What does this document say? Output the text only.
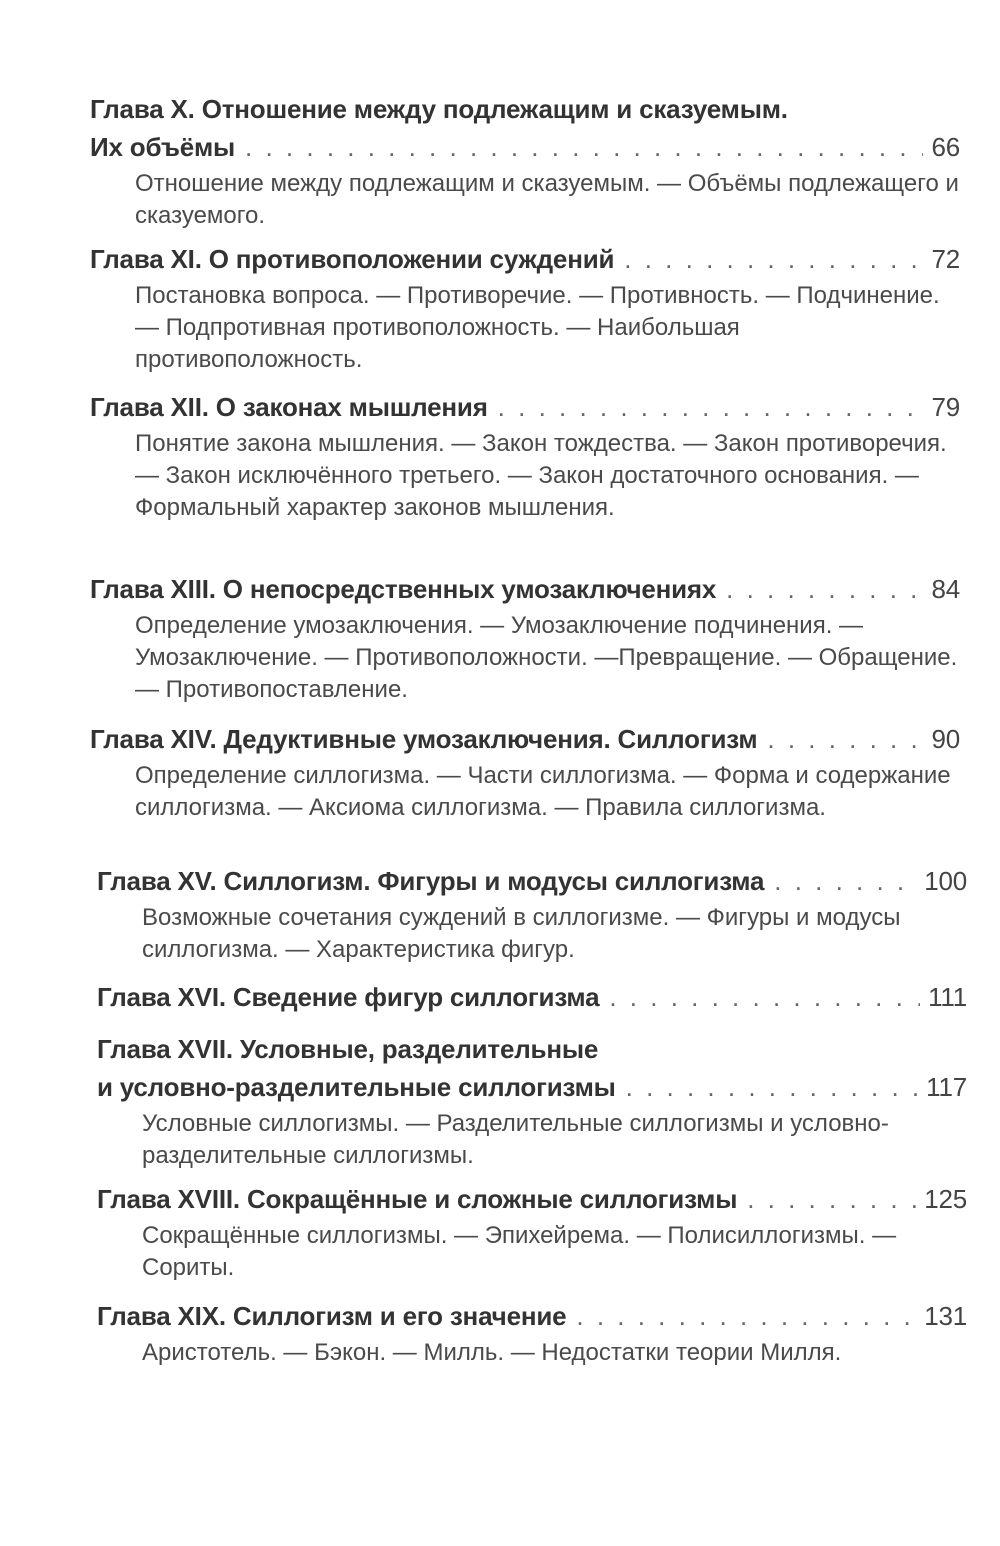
Глава X. Отношение между подлежащим и сказуемым.
Их объёмы . . .	66
Отношение между подлежащим и сказуемым. — Объёмы подлежащего и сказуемого.
Глава XI. О противоположении суждений . . .	72
Постановка вопроса. — Противоречие. — Противность. — Подчинение. — Подпротивная противоположность. — Наибольшая противоположность.
Глава XII. О законах мышления . . .	79
Понятие закона мышления. — Закон тождества. — Закон противоречия. — Закон исключённого третьего. — Закон достаточного основания. — Формальный характер законов мышления.
Глава XIII. О непосредственных умозаключениях . . .	84
Определение умозаключения. — Умозаключение подчинения. — Умозаключение. — Противоположности. —Превращение. — Обращение. — Противопоставление.
Глава XIV. Дедуктивные умозаключения. Силлогизм . . .	90
Определение силлогизма. — Части силлогизма. — Форма и содержание силлогизма. — Аксиома силлогизма. — Правила силлогизма.
Глава XV. Силлогизм. Фигуры и модусы силлогизма . . .	100
Возможные сочетания суждений в силлогизме. — Фигуры и модусы силлогизма. — Характеристика фигур.
Глава XVI. Сведение фигур силлогизма . . .	111
Глава XVII. Условные, разделительные
и условно-разделительные силлогизмы . . .	117
Условные силлогизмы. — Разделительные силлогизмы и условно-разделительные силлогизмы.
Глава XVIII. Сокращённые и сложные силлогизмы . . .	125
Сокращённые силлогизмы. — Эпихейрема. — Полисиллогизмы. — Сориты.
Глава XIX. Силлогизм и его значение . . .	131
Аристотель. — Бэкон. — Милль. — Недостатки теории Милля.
